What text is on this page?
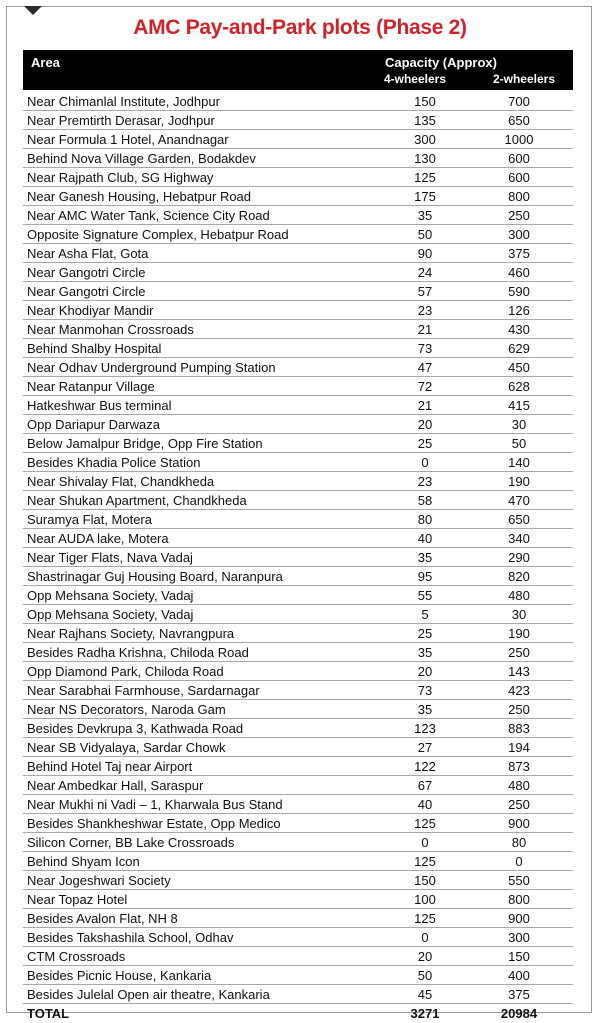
AMC Pay-and-Park plots (Phase 2)
Area	Capacity (Approx)
4-wheelers	2-wheelers
Near Chimanlal Institute, Jodhpur	150	700
Near Premtirth Derasar, Jodhpur	135	650
Near Formula 1 Hotel, Anandnagar	300	1000
Behind Nova Village Garden, Bodakdev	130	600
Near Rajpath Club, SG Highway	125	600
Near Ganesh Housing, Hebatpur Road	175	800
Near AMC Water Tank, Science City Road	35	250
Opposite Signature Complex, Hebatpur Road	50	300
Near Asha Flat, Gota	90	375
Near Gangotri Circle	24	460
Near Gangotri Circle	57	590
Near Khodiyar Mandir	23	126
Near Manmohan Crossroads	21	430
Behind Shalby Hospital	73	629
Near Odhav Underground Pumping Station	47	450
Near Ratanpur Village	72	628
Hatkeshwar Bus terminal	21	415
Opp Dariapur Darwaza	20	30
Below Jamalpur Bridge, Opp Fire Station	25	50
Besides Khadia Police Station	0	140
Near Shivalay Flat, Chandkheda	23	190
Near Shukan Apartment, Chandkheda	58	470
Suramya Flat, Motera	80	650
Near AUDA lake, Motera	40	340
Near Tiger Flats, Nava Vadaj	35	290
Shastrinagar Guj Housing Board, Naranpura	95	820
Opp Mehsana Society, Vadaj	55	480
Opp Mehsana Society, Vadaj	5	30
Near Rajhans Society, Navrangpura	25	190
Besides Radha Krishna, Chiloda Road	35	250
Opp Diamond Park, Chiloda Road	20	143
Near Sarabhai Farmhouse, Sardarnagar	73	423
Near NS Decorators, Naroda Gam	35	250
Besides Devkrupa 3, Kathwada Road	123	883
Near SB Vidyalaya, Sardar Chowk	27	194
Behind Hotel Taj near Airport	122	873
Near Ambedkar Hall, Saraspur	67	480
Near Mukhi ni Vadi – 1, Kharwala Bus Stand	40	250
Besides Shankheshwar Estate, Opp Medico	125	900
Silicon Corner, BB Lake Crossroads	0	80
Behind Shyam Icon	125	0
Near Jogeshwari Society	150	550
Near Topaz Hotel	100	800
Besides Avalon Flat, NH 8	125	900
Besides Takshashila School, Odhav	0	300
CTM Crossroads	20	150
Besides Picnic House, Kankaria	50	400
Besides Julelal Open air theatre, Kankaria	45	375
TOTAL	3271	20984
